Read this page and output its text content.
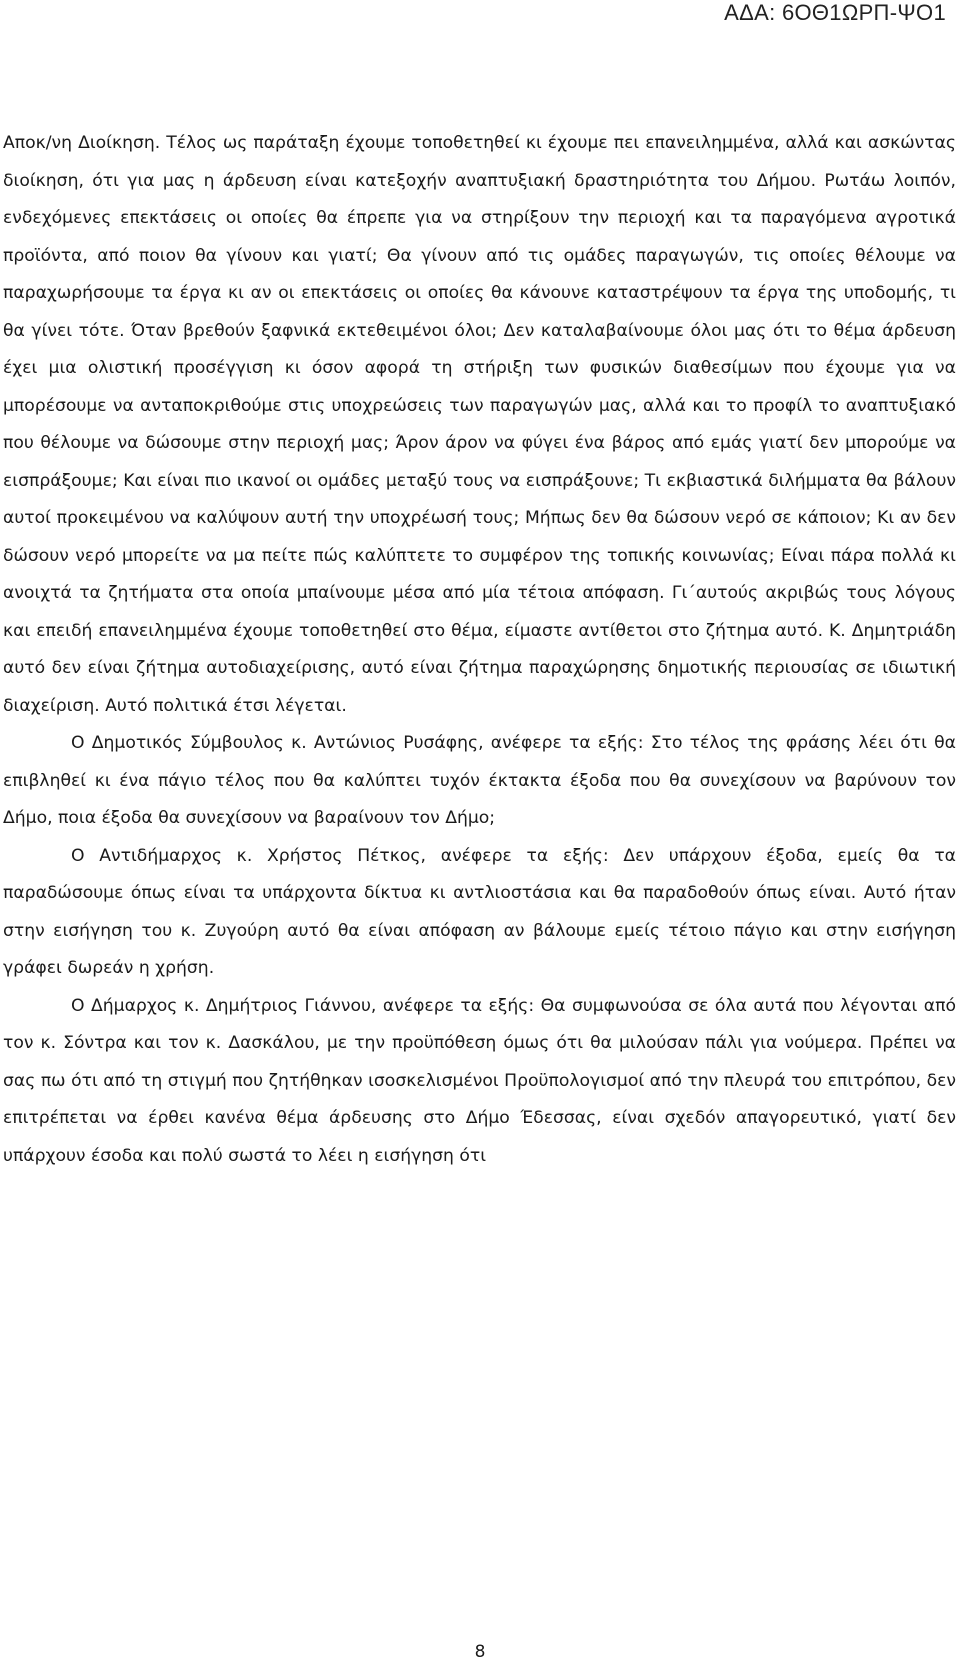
ΑΔΑ: 6ΟΘ1ΩΡΠ-ΨΟ1

Αποκ/νη Διοίκηση. Τέλος ως παράταξη έχουμε τοποθετηθεί κι έχουμε πει επανειλημμένα, αλλά και ασκώντας διοίκηση, ότι για μας η άρδευση είναι κατεξοχήν αναπτυξιακή δραστηριότητα του Δήμου. Ρωτάω λοιπόν, ενδεχόμενες επεκτάσεις οι οποίες θα έπρεπε για να στηρίξουν την περιοχή και τα παραγόμενα αγροτικά προϊόντα, από ποιον θα γίνουν και γιατί; Θα γίνουν από τις ομάδες παραγωγών, τις οποίες θέλουμε να παραχωρήσουμε τα έργα κι αν οι επεκτάσεις οι οποίες θα κάνουνε καταστρέψουν τα έργα της υποδομής, τι θα γίνει τότε. Όταν βρεθούν ξαφνικά εκτεθειμένοι όλοι; Δεν καταλαβαίνουμε όλοι μας ότι το θέμα άρδευση έχει μια ολιστική προσέγγιση κι όσον αφορά τη στήριξη των φυσικών διαθεσίμων που έχουμε για να μπορέσουμε να ανταποκριθούμε στις υποχρεώσεις των παραγωγών μας, αλλά και το προφίλ το αναπτυξιακό που θέλουμε να δώσουμε στην περιοχή μας; Άρον άρον να φύγει ένα βάρος από εμάς γιατί δεν μπορούμε να εισπράξουμε; Και είναι πιο ικανοί οι ομάδες μεταξύ τους να εισπράξουνε; Τι εκβιαστικά διλήμματα θα βάλουν αυτοί προκειμένου να καλύψουν αυτή την υποχρέωσή τους; Μήπως δεν θα δώσουν νερό σε κάποιον; Κι αν δεν δώσουν νερό μπορείτε να μα πείτε πώς καλύπτετε το συμφέρον της τοπικής κοινωνίας; Είναι πάρα πολλά κι ανοιχτά τα ζητήματα στα οποία μπαίνουμε μέσα από μία τέτοια απόφαση. Γι΄αυτούς ακριβώς τους λόγους και επειδή επανειλημμένα έχουμε τοποθετηθεί στο θέμα, είμαστε αντίθετοι στο ζήτημα αυτό. Κ. Δημητριάδη αυτό δεν είναι ζήτημα αυτοδιαχείρισης, αυτό είναι ζήτημα παραχώρησης δημοτικής περιουσίας σε ιδιωτική διαχείριση. Αυτό πολιτικά έτσι λέγεται.

Ο Δημοτικός Σύμβουλος κ. Αντώνιος Ρυσάφης, ανέφερε τα εξής: Στο τέλος της φράσης λέει ότι θα επιβληθεί κι ένα πάγιο τέλος που θα καλύπτει τυχόν έκτακτα έξοδα που θα συνεχίσουν να βαρύνουν τον Δήμο, ποια έξοδα θα συνεχίσουν να βαραίνουν τον Δήμο;

Ο Αντιδήμαρχος κ. Χρήστος Πέτκος, ανέφερε τα εξής: Δεν υπάρχουν έξοδα, εμείς θα τα παραδώσουμε όπως είναι τα υπάρχοντα δίκτυα κι αντλιοστάσια και θα παραδοθούν όπως είναι. Αυτό ήταν στην εισήγηση του κ. Ζυγούρη αυτό θα είναι απόφαση αν βάλουμε εμείς τέτοιο πάγιο και στην εισήγηση γράφει δωρεάν η χρήση.

Ο Δήμαρχος κ. Δημήτριος Γιάννου, ανέφερε τα εξής: Θα συμφωνούσα σε όλα αυτά που λέγονται από τον κ. Σόντρα και τον κ. Δασκάλου, με την προϋπόθεση όμως ότι θα μιλούσαν πάλι για νούμερα. Πρέπει να σας πω ότι από τη στιγμή που ζητήθηκαν ισοσκελισμένοι Προϋπολογισμοί από την πλευρά του επιτρόπου, δεν επιτρέπεται να έρθει κανένα θέμα άρδευσης στο Δήμο Έδεσσας, είναι σχεδόν απαγορευτικό, γιατί δεν υπάρχουν έσοδα και πολύ σωστά το λέει η εισήγηση ότι

8
